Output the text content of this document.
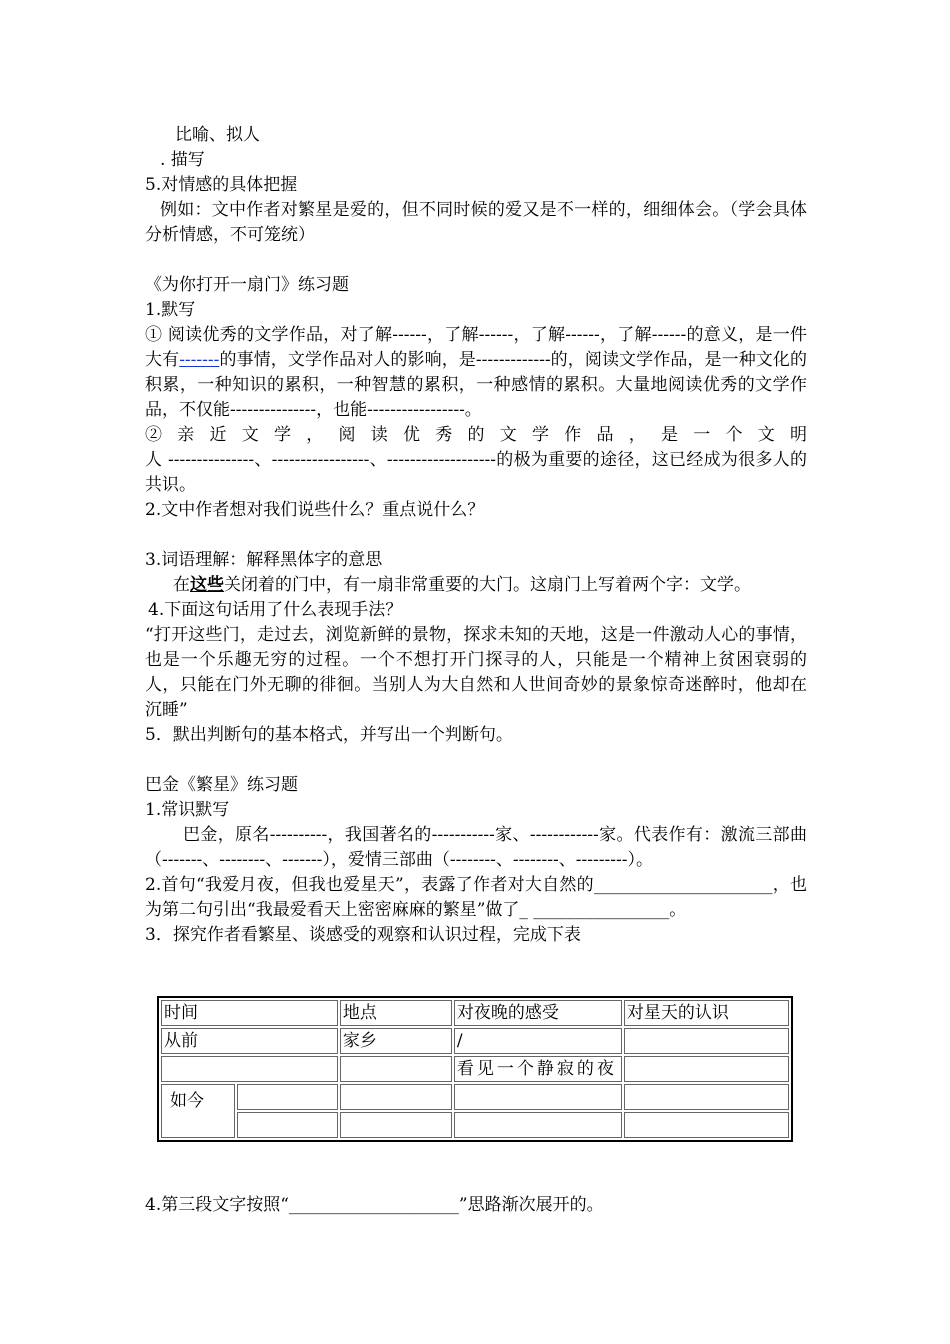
比喻、拟人

. 描写

5.对情感的具体把握

例如：文中作者对繁星是爱的，但不同时候的爱又是不一样的，细细体会。（学会具体分析情感，不可笼统）

《为你打开一扇门》练习题

1.默写

① 阅读优秀的文学作品，对了解------，了解------，了解------，了解------的意义，是一件大有-------的事情，文学作品对人的影响，是-------------的，阅读文学作品，是一种文化的积累，一种知识的累积，一种智慧的累积，一种感情的累积。大量地阅读优秀的文学作品，不仅能---------------，也能-----------------。

② 亲 近 文 学 ， 阅 读 优 秀 的 文 学 作 品 ， 是 一 个 文 明

人 ---------------、-----------------、-------------------的极为重要的途径，这已经成为很多人的共识。

2.文中作者想对我们说些什么？重点说什么？

3.词语理解：解释黑体字的意思

在这些关闭着的门中，有一扇非常重要的大门。这扇门上写着两个字：文学。

4.下面这句话用了什么表现手法？

“打开这些门，走过去，浏览新鲜的景物，探求未知的天地，这是一件激动人心的事情，也是一个乐趣无穷的过程。一个不想打开门探寻的人，只能是一个精神上贫困衰弱的人，只能在门外无聊的徘徊。当别人为大自然和人世间奇妙的景象惊奇迷醉时，他却在沉睡”

5．默出判断句的基本格式，并写出一个判断句。

巴金《繁星》练习题

1.常识默写

巴金，原名----------，我国著名的-----------家、------------家。代表作有：激流三部曲（-------、--------、-------），爱情三部曲（--------、--------、---------）。

2.首句“我爱月夜，但我也爱星天”，表露了作者对大自然的_____________________，也为第二句引出“我最爱看天上密密麻麻的繁星”做了_ ________________。

3．探究作者看繁星、谈感受的观察和认识过程，完成下表

时间		地点	对夜晚的感受	对星天的认识
从前		家乡	/	
			看见一个静寂的夜	
如今				

4.第三段文字按照“____________________”思路渐次展开的。
